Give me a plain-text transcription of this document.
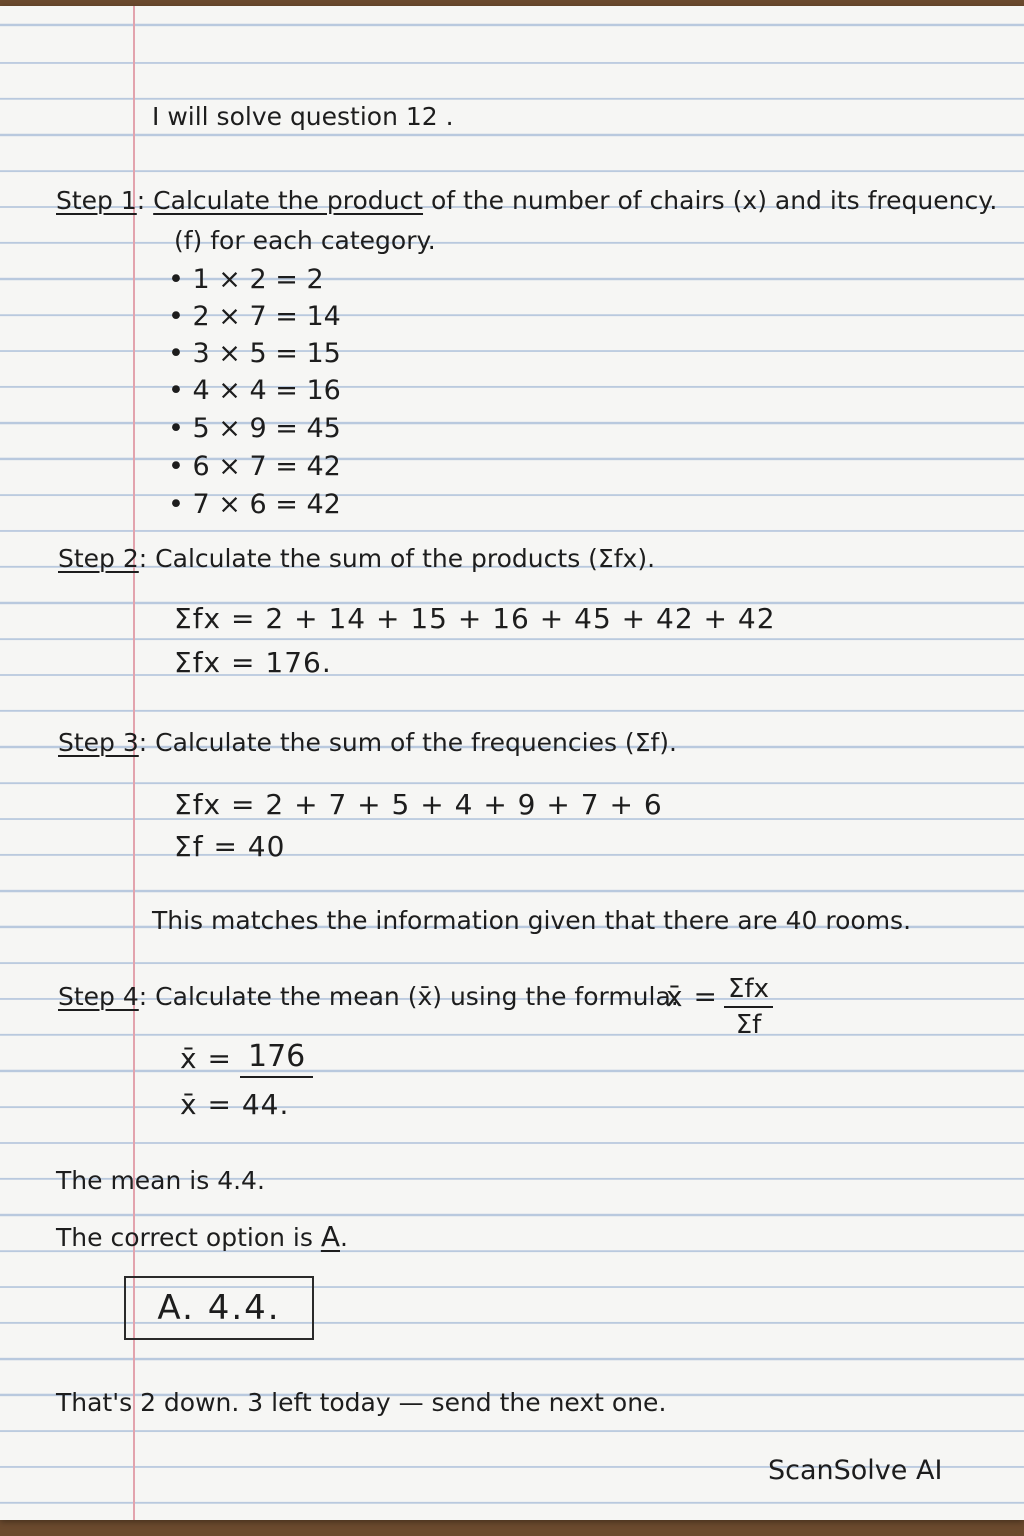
I will solve question 12 .
Step 1: Calculate the product of the number of chairs (x) and its frequency.
(f) for each category.
• 1 × 2 = 2
• 2 × 7 = 14
• 3 × 5 = 15
• 4 × 4 = 16
• 5 × 9 = 45
• 6 × 7 = 42
• 7 × 6 = 42
Step 2: Calculate the sum of the products (Σfx).
Σfx = 2 + 14 + 15 + 16 + 45 + 42 + 42
Σfx = 176.
Step 3: Calculate the sum of the frequencies (Σf).
Σfx = 2 + 7 + 5 + 4 + 9 + 7 + 6
Σf = 40
This matches the information given that there are 40 rooms.
Step 4: Calculate the mean (x̄) using the formula.
x̄ = Σfx
Σf
x̄ = 176
x̄ = 44.
The mean is 4.4.
The correct option is A.
A. 4.4.
That's 2 down. 3 left today — send the next one.
ScanSolve AI
